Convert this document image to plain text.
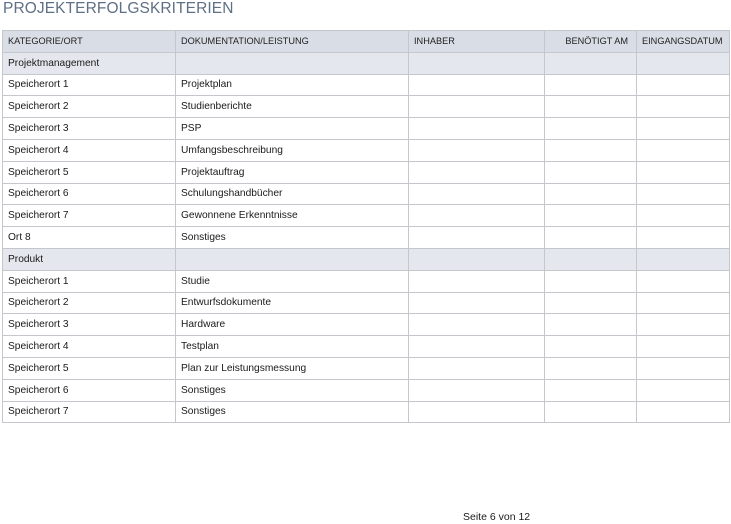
PROJEKTERFOLGSKRITERIEN
KATEGORIE/ORT	DOKUMENTATION/LEISTUNG	INHABER	BENÖTIGT AM	EINGANGSDATUM
Projektmanagement				
Speicherort 1	Projektplan			
Speicherort 2	Studienberichte			
Speicherort 3	PSP			
Speicherort 4	Umfangsbeschreibung			
Speicherort 5	Projektauftrag			
Speicherort 6	Schulungshandbücher			
Speicherort 7	Gewonnene Erkenntnisse			
Ort 8	Sonstiges			
Produkt				
Speicherort 1	Studie			
Speicherort 2	Entwurfsdokumente			
Speicherort 3	Hardware			
Speicherort 4	Testplan			
Speicherort 5	Plan zur Leistungsmessung			
Speicherort 6	Sonstiges			
Speicherort 7	Sonstiges			
Seite 6 von 12
